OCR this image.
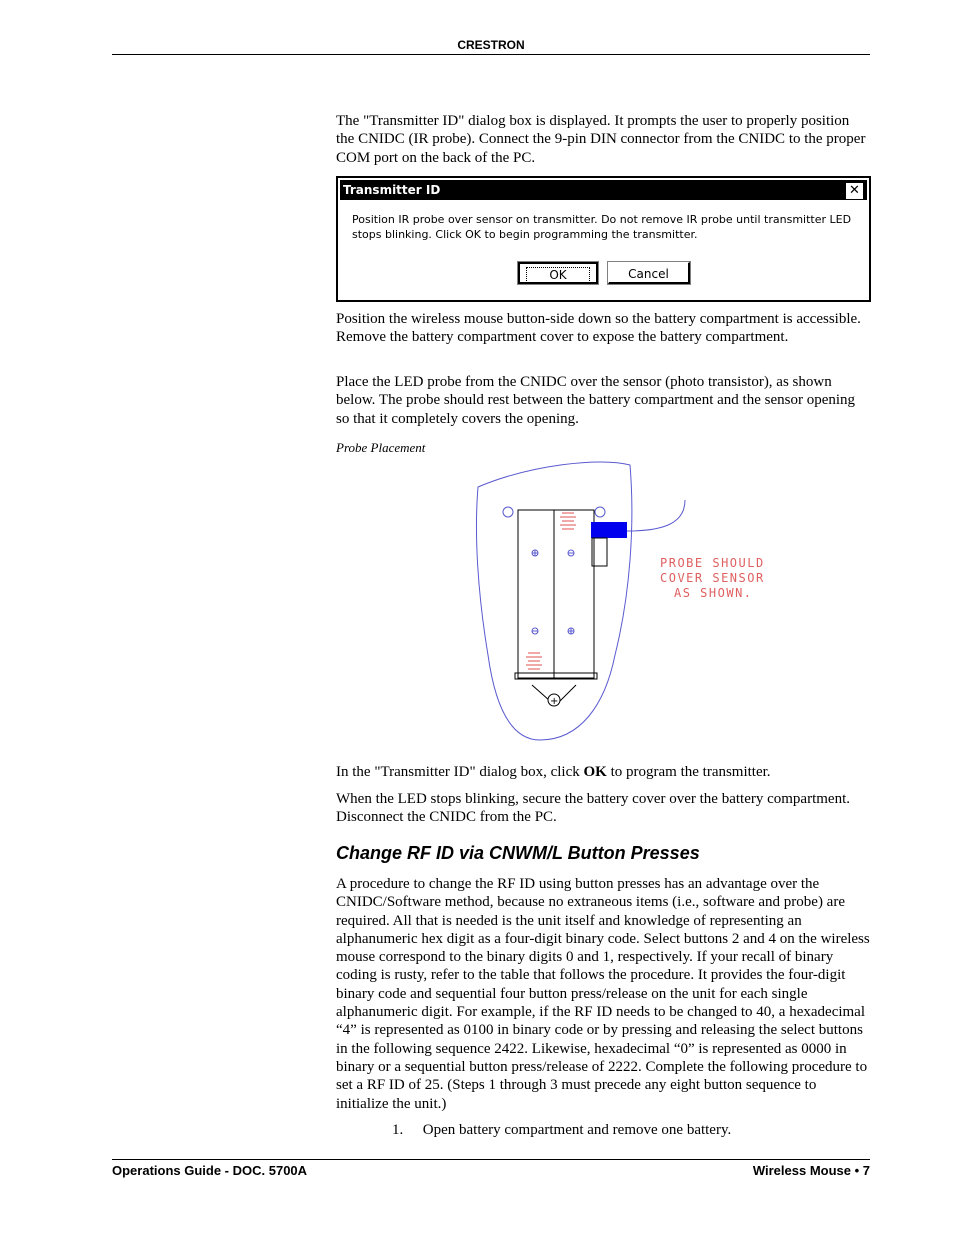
CRESTRON

The "Transmitter ID" dialog box is displayed. It prompts the user to properly position the CNIDC (IR probe). Connect the 9-pin DIN connector from the CNIDC to the proper COM port on the back of the PC.

Transmitter ID	✕
Position IR probe over sensor on transmitter. Do not remove IR probe until transmitter LED stops blinking. Click OK to begin programming the transmitter.
OK	Cancel

Position the wireless mouse button-side down so the battery compartment is accessible. Remove the battery compartment cover to expose the battery compartment.

Place the LED probe from the CNIDC over the sensor (photo transistor), as shown below. The probe should rest between the battery compartment and the sensor opening so that it completely covers the opening.

Probe Placement
+
PROBE SHOULD
COVER SENSOR
AS SHOWN.

In the "Transmitter ID" dialog box, click OK to program the transmitter.

When the LED stops blinking, secure the battery cover over the battery compartment. Disconnect the CNIDC from the PC.

Change RF ID via CNWM/L Button Presses

A procedure to change the RF ID using button presses has an advantage over the CNIDC/Software method, because no extraneous items (i.e., software and probe) are required. All that is needed is the unit itself and knowledge of representing an alphanumeric hex digit as a four-digit binary code. Select buttons 2 and 4 on the wireless mouse correspond to the binary digits 0 and 1, respectively. If your recall of binary coding is rusty, refer to the table that follows the procedure. It provides the four-digit binary code and sequential four button press/release on the unit for each single alphanumeric digit. For example, if the RF ID needs to be changed to 40, a hexadecimal “4” is represented as 0100 in binary code or by pressing and releasing the select buttons in the following sequence 2422. Likewise, hexadecimal “0” is represented as 0000 in binary or a sequential button press/release of 2222. Complete the following procedure to set a RF ID of 25. (Steps 1 through 3 must precede any eight button sequence to initialize the unit.)

1. Open battery compartment and remove one battery.
Operations Guide - DOC. 5700A	Wireless Mouse • 7
